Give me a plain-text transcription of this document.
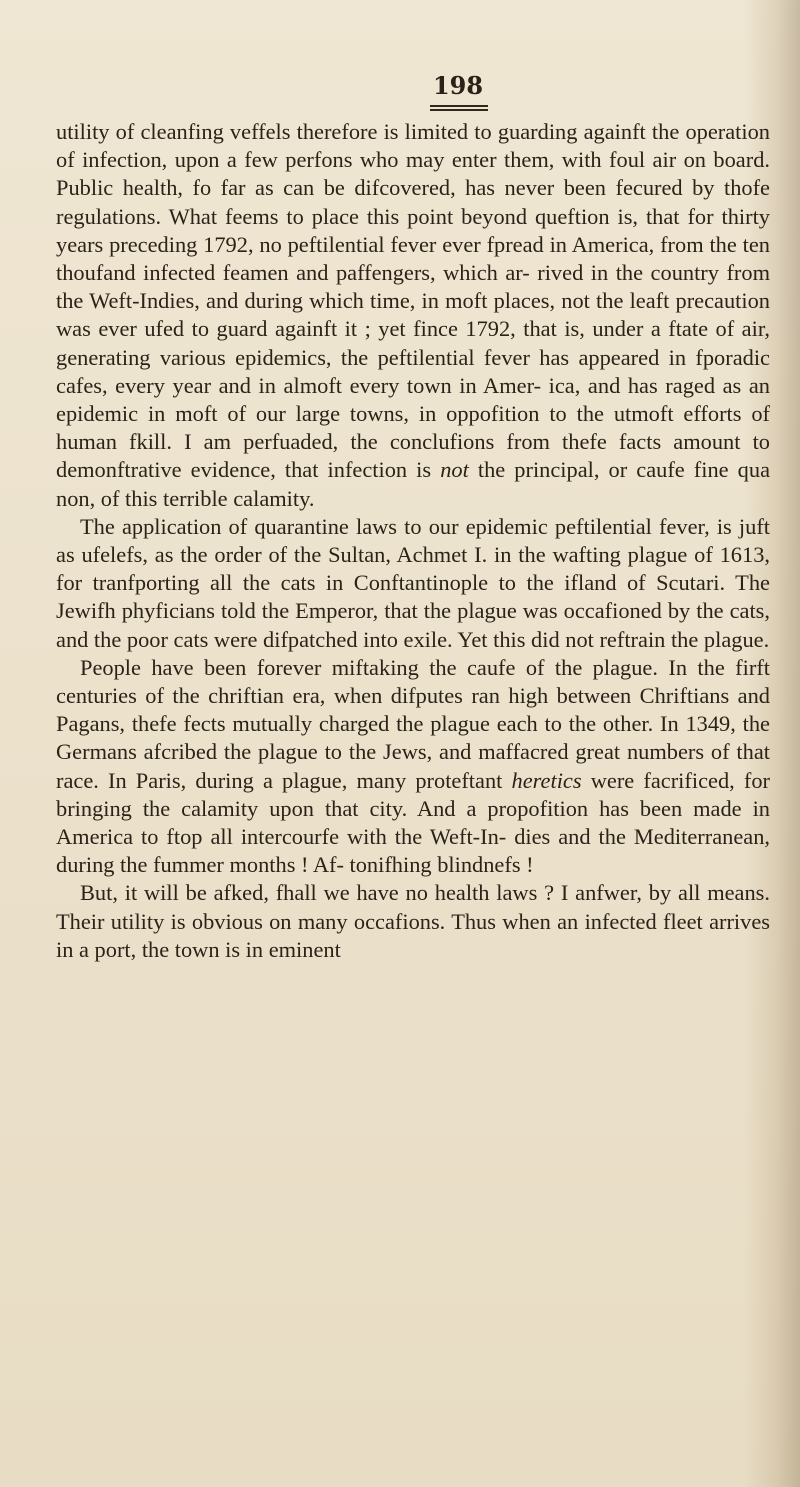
198

utility of cleanfing veffels therefore is limited to guarding againft the operation of infection, upon a few perfons who may enter them, with foul air on board. Public health, fo far as can be difcovered, has never been fecured by thofe regulations. What feems to place this point beyond queftion is, that for thirty years preceding 1792, no peftilential fever ever fpread in America, from the ten thoufand infected feamen and paffengers, which ar- rived in the country from the Weft-Indies, and during which time, in moft places, not the leaft precaution was ever ufed to guard againft it ; yet fince 1792, that is, under a ftate of air, generating various epidemics, the peftilential fever has appeared in fporadic cafes, every year and in almoft every town in Amer- ica, and has raged as an epidemic in moft of our large towns, in oppofition to the utmoft efforts of human fkill. I am perfuaded, the conclufions from thefe facts amount to demonftrative evidence, that infection is not the principal, or caufe fine qua non, of this terrible calamity.

The application of quarantine laws to our epidemic peftilential fever, is juft as ufelefs, as the order of the Sultan, Achmet I. in the wafting plague of 1613, for tranfporting all the cats in Conftantinople to the ifland of Scutari. The Jewifh phyficians told the Emperor, that the plague was occafioned by the cats, and the poor cats were difpatched into exile. Yet this did not reftrain the plague.

People have been forever miftaking the caufe of the plague. In the firft centuries of the chriftian era, when difputes ran high between Chriftians and Pagans, thefe fects mutually charged the plague each to the other. In 1349, the Germans afcribed the plague to the Jews, and maffacred great numbers of that race. In Paris, during a plague, many proteftant heretics were facrificed, for bringing the calamity upon that city. And a propofition has been made in America to ftop all intercourfe with the Weft-In- dies and the Mediterranean, during the fummer months ! Af- tonifhing blindnefs !

But, it will be afked, fhall we have no health laws ? I anfwer, by all means. Their utility is obvious on many occafions. Thus when an infected fleet arrives in a port, the town is in eminent
